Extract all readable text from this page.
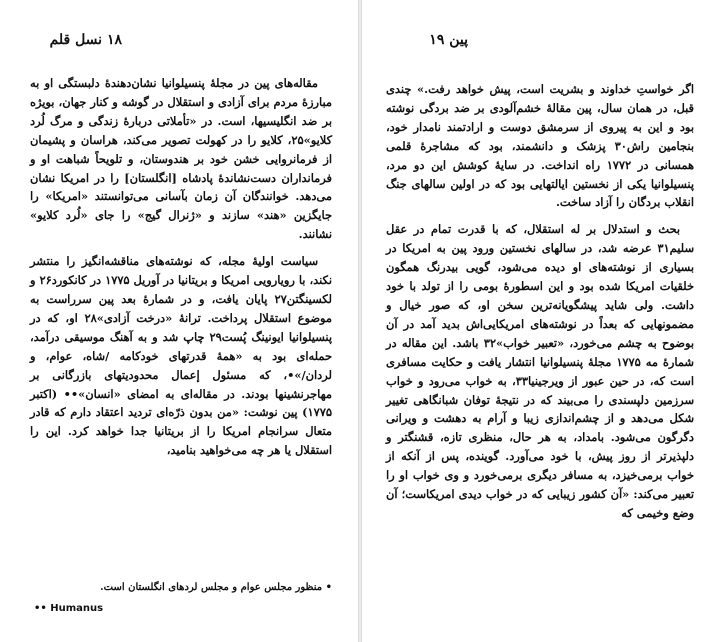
۱۸ نسل قلم

مقاله‌های پین در مجلهٔ پنسیلوانیا نشان‌دهندهٔ دلبستگی او به مبارزهٔ مردم برای آزادی و استقلال در گوشه و کنار جهان، بویژه بر ضد انگلیسیها، است. در «تأملاتی دربارهٔ زندگی و مرگ لُرد کلایو»۲۵، کلایو را در کهولت تصویر می‌کند، هراسان و پشیمان از فرمانروایی خشن خود بر هندوستان، و تلویحاً شباهت او و فرمانداران دست‌نشاندهٔ پادشاه [انگلستان] را در امریکا نشان می‌دهد. خوانندگان آن زمان بآسانی می‌توانستند «امریکا» را جایگزین «هند» سازند و «ژنرال گیج» را جای «لُرد کلایو» نشانند.

سیاست اولیهٔ مجله، که نوشته‌های مناقشه‌انگیز را منتشر نکند، با رویارویی امریکا و بریتانیا در آوریل ۱۷۷۵ در کانکورد۲۶ و لکسینگتن۲۷ پایان یافت، و در شمارهٔ بعد پین سرراست به موضوع استقلال پرداخت. ترانهٔ «درخت آزادی»۲۸ او، که در پنسیلوانیا ایونینگ پُست۲۹ چاپ شد و به آهنگ موسیقی درآمد، حمله‌ای بود به «همهٔ قدرتهای خودکامه /شاه، عوام، و لردان/»•، که مسئول إعمال محدودیتهای بازرگانی بر مهاجرنشینها بودند. در مقاله‌ای به امضای «انسان»•• (اکتبر ۱۷۷۵) پین نوشت: «من بدون ذرّه‌ای تردید اعتقاد دارم که قادر متعال سرانجام امریکا را از بریتانیا جدا خواهد کرد. این را استقلال یا هر چه می‌خواهید بنامید،

• منظور مجلس عوام و مجلس لردهای انگلستان است.
•• Humanus
پین ۱۹

اگر خواستِ خداوند و بشریت است، پیش خواهد رفت.» چندی قبل، در همان سال، پین مقالهٔ خشم‌آلودی بر ضد بردگی نوشته بود و این به پیروی از سرمشق دوست و ارادتمند نامدار خود، بنجامین راش۳۰ پزشک و دانشمند، بود که مشاجرهٔ قلمی همسانی در ۱۷۷۲ راه انداخت. در سایهٔ کوشش این دو مرد، پنسیلوانیا یکی از نخستین ایالتهایی بود که در اولین سالهای جنگ انقلاب بردگان را آزاد ساخت.

بحث و استدلال بر له استقلال، که با قدرت تمام در عقل سلیم۳۱ عرضه شد، در سالهای نخستین ورود پین به امریکا در بسیاری از نوشته‌های او دیده می‌شود، گویی بیدرنگ همگون خلقیات امریکا شده بود و این اسطورهٔ بومی را از تولد با خود داشت. ولی شاید پیشگویانه‌ترین سخن او، که صور خیال و مضمونهایی که بعداً در نوشته‌های امریکایی‌اش بدید آمد در آن بوضوح به چشم می‌خورد، «تعبیر خواب»۳۲ باشد. این مقاله در شمارهٔ مه ۱۷۷۵ مجلهٔ پنسیلوانیا انتشار یافت و حکایت مسافری است که، در حین عبور از ویرجینیا۳۳، به خواب می‌رود و خواب سرزمین دلپسندی را می‌بیند که در نتیجهٔ توفان شبانگاهی تغییر شکل می‌دهد و از چشم‌اندازی زیبا و آرام به دهشت و ویرانی دگرگون می‌شود. بامداد، به هر حال، منظری تازه، قشنگتر و دلپذیرتر از روز پیش، با خود می‌آورد. گوینده، پس از آنکه از خواب برمی‌خیزد، به مسافر دیگری برمی‌خورد و وی خواب او را تعبیر می‌کند: «آن کشور زیبایی که در خواب دیدی امریکاست؛ آن وضع وخیمی که
